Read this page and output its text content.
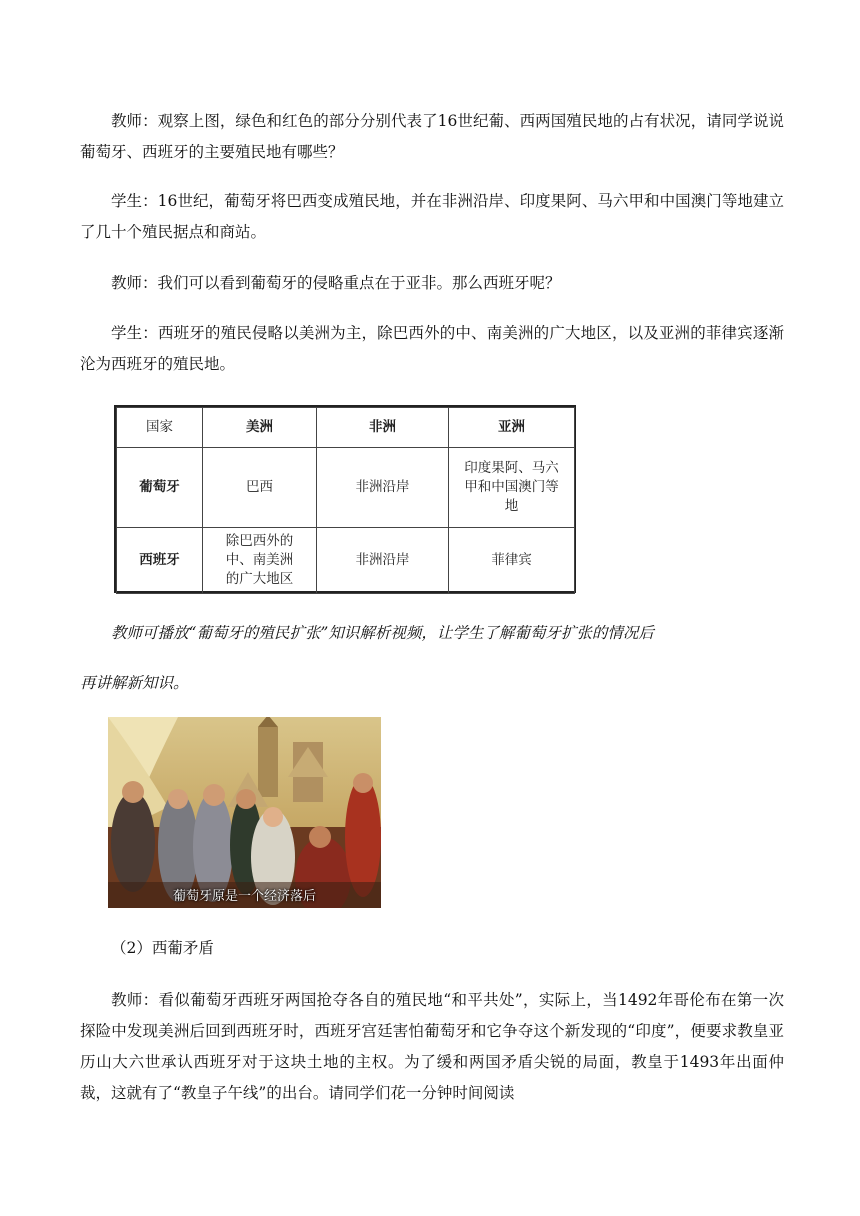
教师：观察上图，绿色和红色的部分分别代表了16世纪葡、西两国殖民地的占有状况，请同学说说葡萄牙、西班牙的主要殖民地有哪些？

学生：16世纪，葡萄牙将巴西变成殖民地，并在非洲沿岸、印度果阿、马六甲和中国澳门等地建立了几十个殖民据点和商站。

教师：我们可以看到葡萄牙的侵略重点在于亚非。那么西班牙呢？

学生：西班牙的殖民侵略以美洲为主，除巴西外的中、南美洲的广大地区，以及亚洲的菲律宾逐渐沦为西班牙的殖民地。

国家	美洲	非洲	亚洲
葡萄牙	巴西	非洲沿岸	印度果阿、马六甲和中国澳门等地
西班牙	除巴西外的中、南美洲的广大地区	非洲沿岸	菲律宾

教师可播放“葡萄牙的殖民扩张”知识解析视频，让学生了解葡萄牙扩张的情况后

再讲解新知识。

葡萄牙原是一个经济落后

（2）西葡矛盾

教师：看似葡萄牙西班牙两国抢夺各自的殖民地“和平共处”，实际上，当1492年哥伦布在第一次探险中发现美洲后回到西班牙时，西班牙宫廷害怕葡萄牙和它争夺这个新发现的“印度”，便要求教皇亚历山大六世承认西班牙对于这块土地的主权。为了缓和两国矛盾尖锐的局面，教皇于1493年出面仲裁，这就有了“教皇子午线”的出台。请同学们花一分钟时间阅读
